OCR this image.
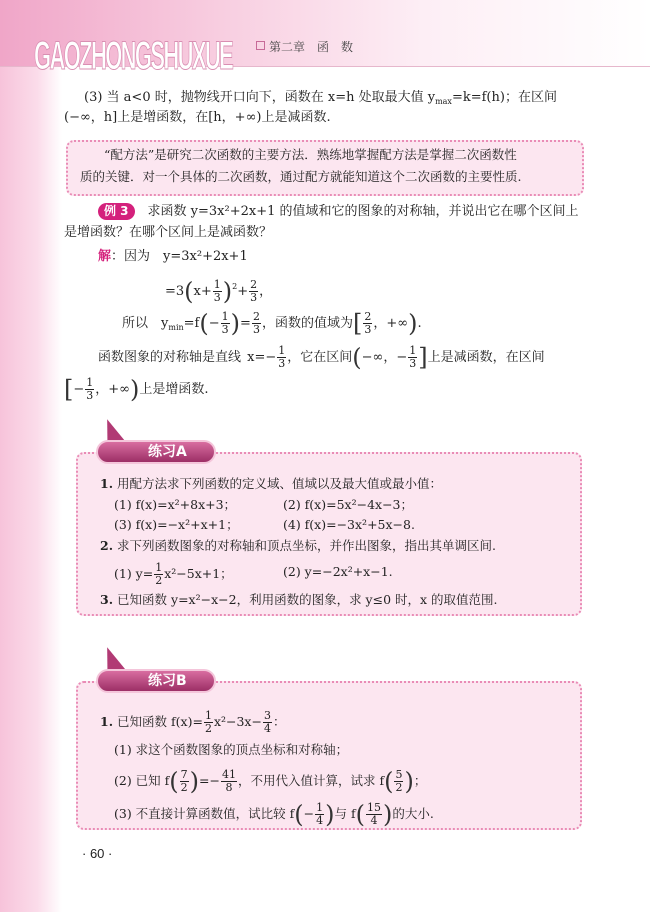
GAOZHONGSHUXUE	第二章　函　数
(3) 当 a<0 时，抛物线开口向下，函数在 x=h 处取最大值 $y_{max}=k=f(h)$；在区间
(−∞，h]上是增函数，在[h，+∞)上是减函数.
“配方法”是研究二次函数的主要方法．熟练地掌握配方法是掌握二次函数性
质的关键．对一个具体的二次函数，通过配方就能知道这个二次函数的主要性质.
例 3　 求函数 y=3x²+2x+1 的值域和它的图象的对称轴，并说出它在哪个区间上
是增函数？在哪个区间上是减函数？
解：因为　y=3x²+2x+1
$=3(x+ \frac{1}{3} )^2+ \frac{2}{3}$ ，
所以　$y_{min}=f(- \frac{1}{3}$ )= $\frac{2}{3}$ ，函数的值域为[ $\frac{2}{3}$ ，+∞).
函数图象的对称轴是直线 $x=- \frac{1}{3}$ ，它在区间(−∞，− $\frac{1}{3}$ ]上是减函数，在区间
[− $\frac{1}{3}$ ，+∞)上是增函数.
练习A
1. 用配方法求下列函数的定义域、值域以及最大值或最小值：
(1) f(x)=x²+8x+3；	(2) f(x)=5x²−4x−3；
(3) f(x)=−x²+x+1；	(4) f(x)=−3x²+5x−8.
2. 求下列函数图象的对称轴和顶点坐标，并作出图象，指出其单调区间.
(1) $y= \frac{1}{2} x^2-5x+1$；	(2) y=−2x²+x−1.
3. 已知函数 y=x²−x−2，利用函数的图象，求 y≤0 时，x 的取值范围.
练习B
1. 已知函数 $f(x)= \frac{1}{2} x^2-3x- \frac{3}{4}$ ：
(1) 求这个函数图象的顶点坐标和对称轴；
(2) 已知 $f( \frac{7}{2}$ )=− $\frac{41}{8}$ ，不用代入值计算，试求 $f( \frac{5}{2}$ )；
(3) 不直接计算函数值，试比较 $f(- \frac{1}{4}$ )与 $f( \frac{15}{4}$ )的大小.
· 60 ·
